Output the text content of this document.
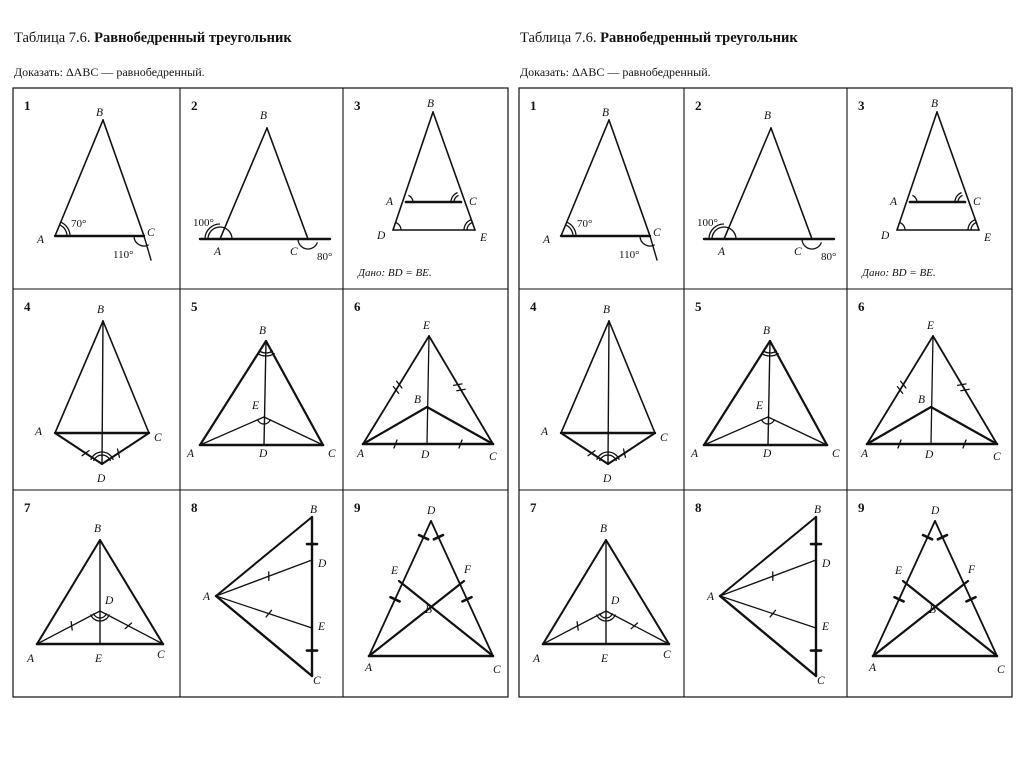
Таблица 7.6. Равнобедренный треугольник
Доказать: ΔABC — равнобедренный.
Таблица 7.6. Равнобедренный треугольник
Доказать: ΔABC — равнобедренный.
1
A
B
C
70°
110°
2
A
B
C
100°
80°
3
A
B
C
D	E
Дано: BD = BE.
4
A
B
C
D
5
A
B
C
D
E
6
A
B
C
D
E
7
A
B
C
D
E
8
A
B
C
D
E
9
A
B
C
D
E	F
1
A
B
C
70°
110°
2
A
B
C
100°
80°
3
A
B
C
D	E
Дано: BD = BE.
4
A
B
C
D
5
A
B
C
D
E
6
A
B
C
D
E
7
A
B
C
D
E
8
A
B
C
D
E
9
A
B
C
D
E	F
